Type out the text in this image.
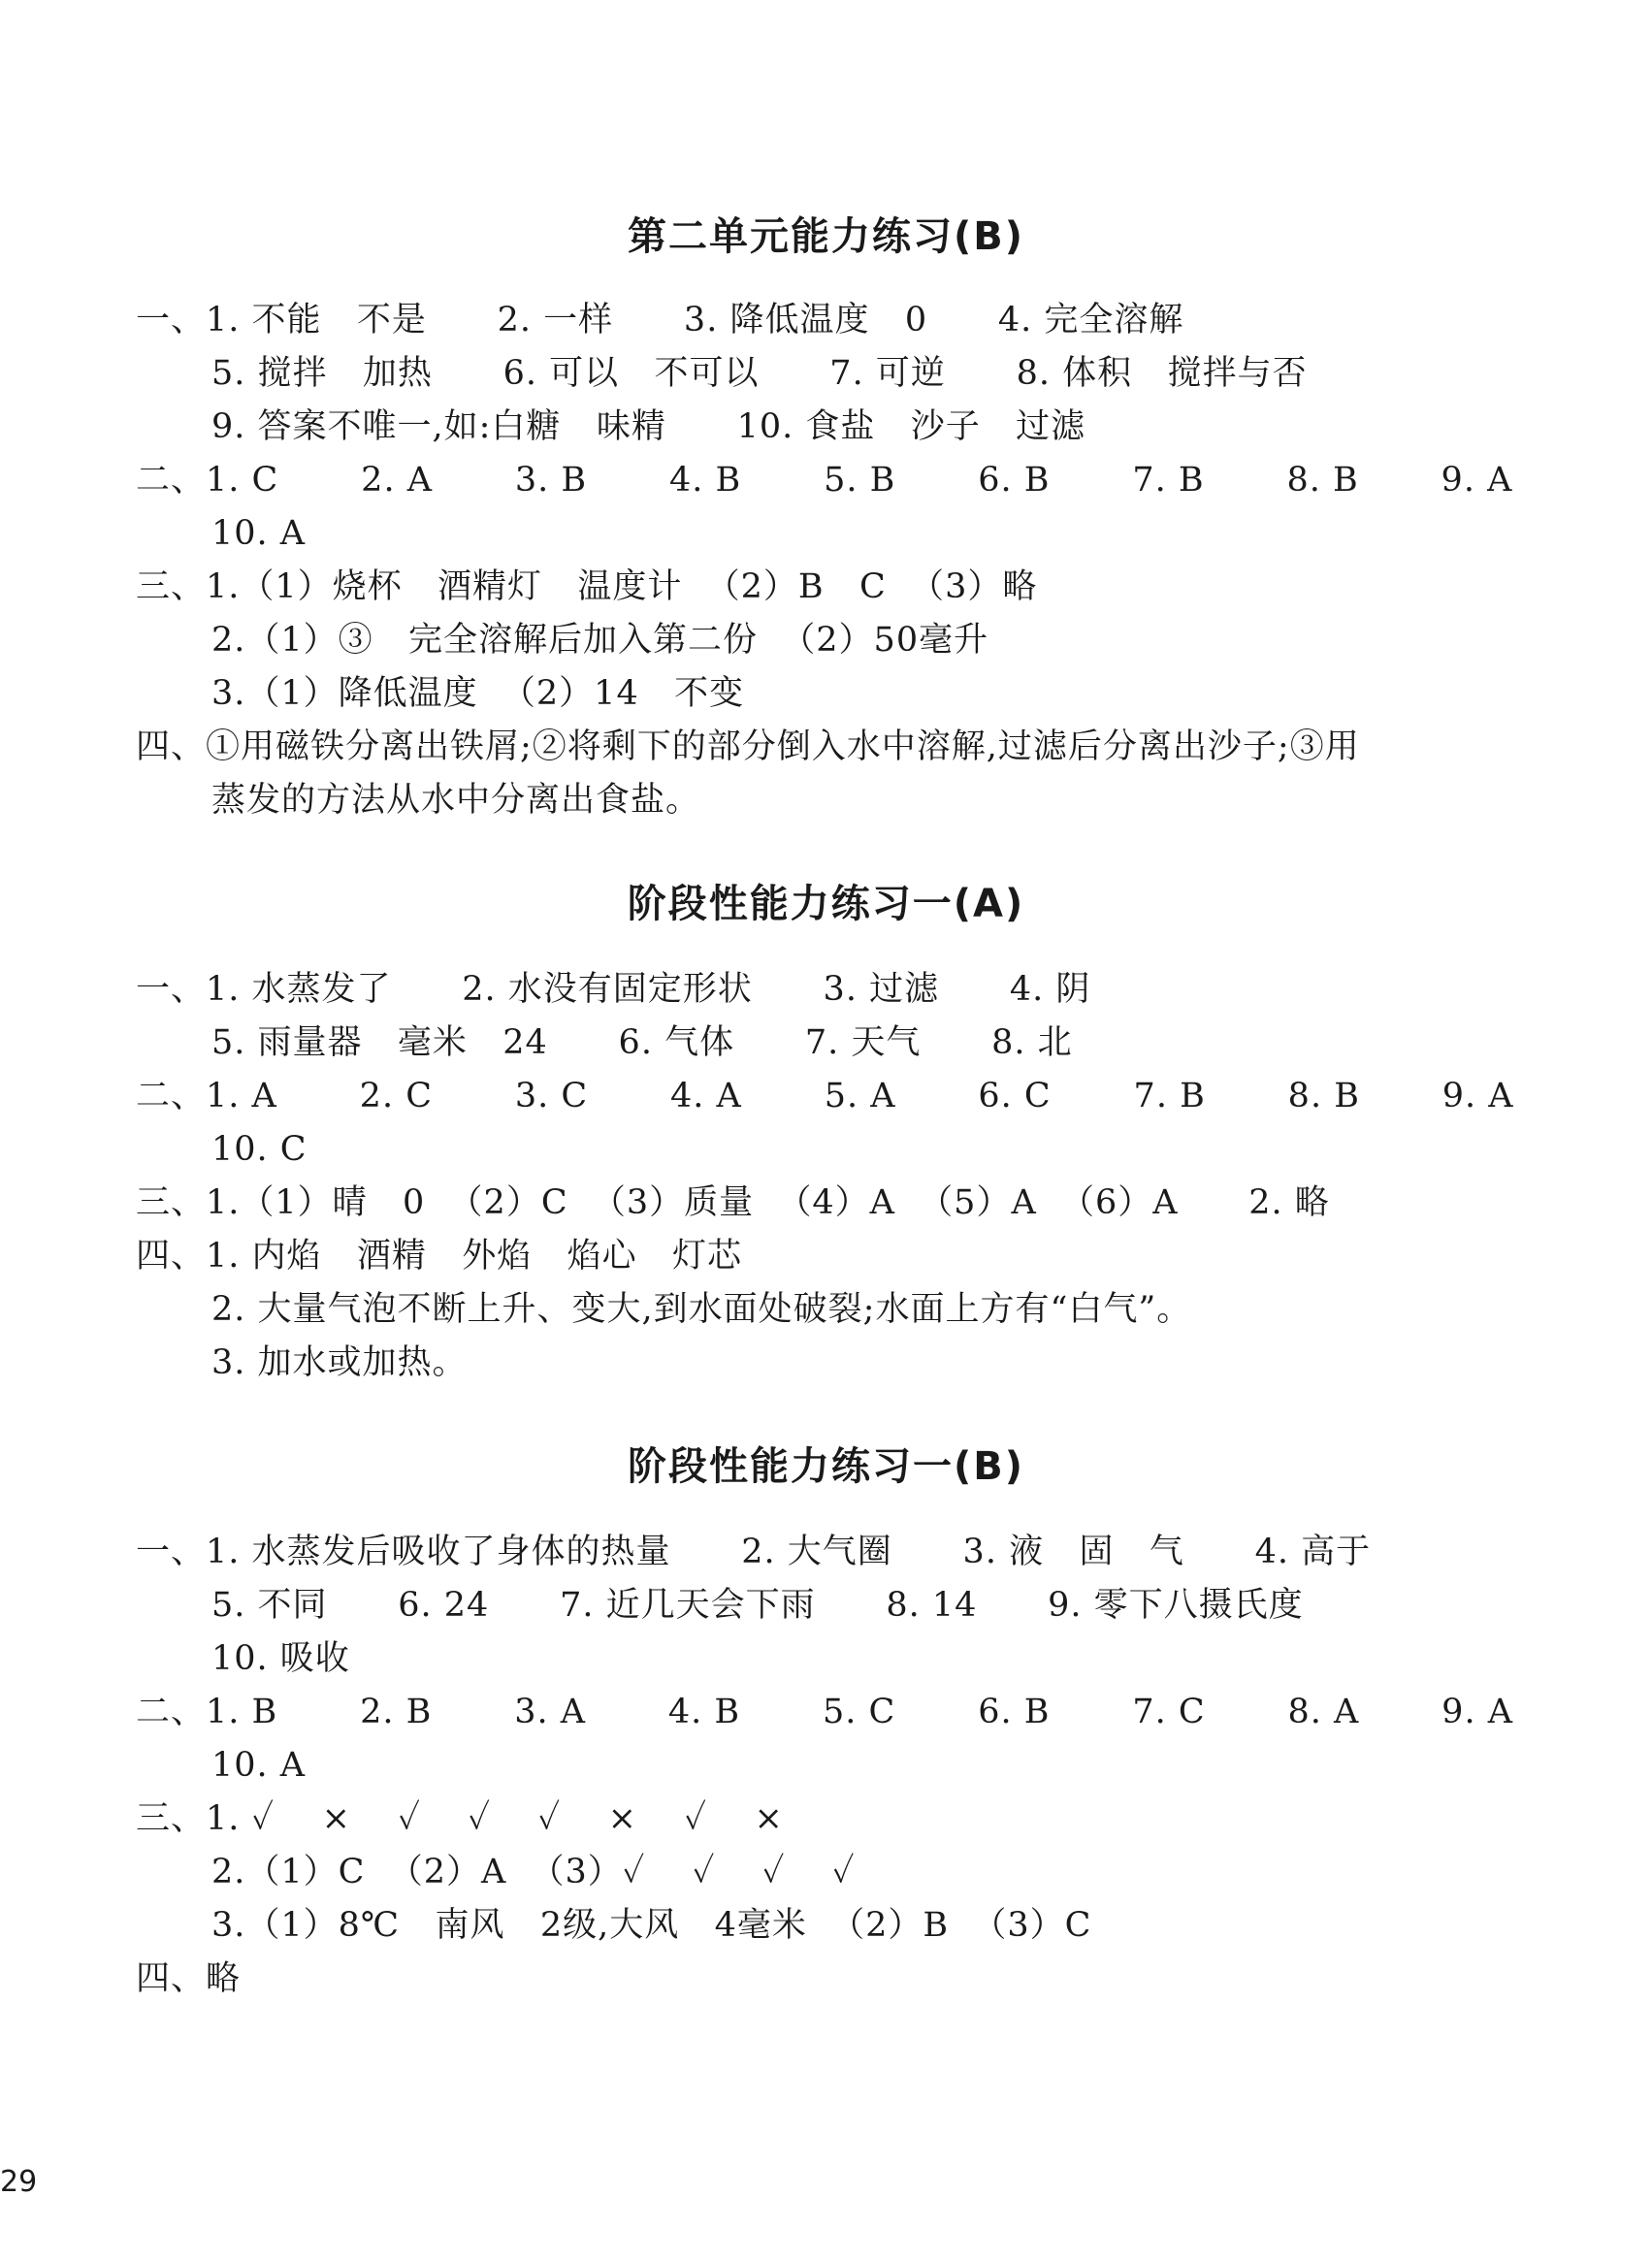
第二单元能力练习(B)
一、1. 不能   不是      2. 一样      3. 降低温度   0      4. 完全溶解
5. 搅拌   加热      6. 可以   不可以      7. 可逆      8. 体积   搅拌与否
9. 答案不唯一,如:白糖   味精      10. 食盐   沙子   过滤
二、1. C       2. A       3. B       4. B       5. B       6. B       7. B       8. B       9. A
10. A
三、1.（1）烧杯   酒精灯   温度计  （2）B   C  （3）略
2.（1）③   完全溶解后加入第二份  （2）50毫升
3.（1）降低温度  （2）14   不变
四、①用磁铁分离出铁屑;②将剩下的部分倒入水中溶解,过滤后分离出沙子;③用
蒸发的方法从水中分离出食盐。
阶段性能力练习一(A)
一、1. 水蒸发了      2. 水没有固定形状      3. 过滤      4. 阴
5. 雨量器   毫米   24      6. 气体      7. 天气      8. 北
二、1. A       2. C       3. C       4. A       5. A       6. C       7. B       8. B       9. A
10. C
三、1.（1）晴   0  （2）C  （3）质量  （4）A  （5）A  （6）A      2. 略
四、1. 内焰   酒精   外焰   焰心   灯芯
2. 大量气泡不断上升、变大,到水面处破裂;水面上方有“白气”。
3. 加水或加热。
阶段性能力练习一(B)
一、1. 水蒸发后吸收了身体的热量      2. 大气圈      3. 液   固   气      4. 高于
5. 不同      6. 24      7. 近几天会下雨      8. 14      9. 零下八摄氏度
10. 吸收
二、1. B       2. B       3. A       4. B       5. C       6. B       7. C       8. A       9. A
10. A
三、1. ✓    ×    ✓    ✓    ✓    ×    ✓    ×
2.（1）C  （2）A  （3）✓    ✓    ✓    ✓
3.（1）8℃   南风   2级,大风   4毫米  （2）B  （3）C
四、略
29
